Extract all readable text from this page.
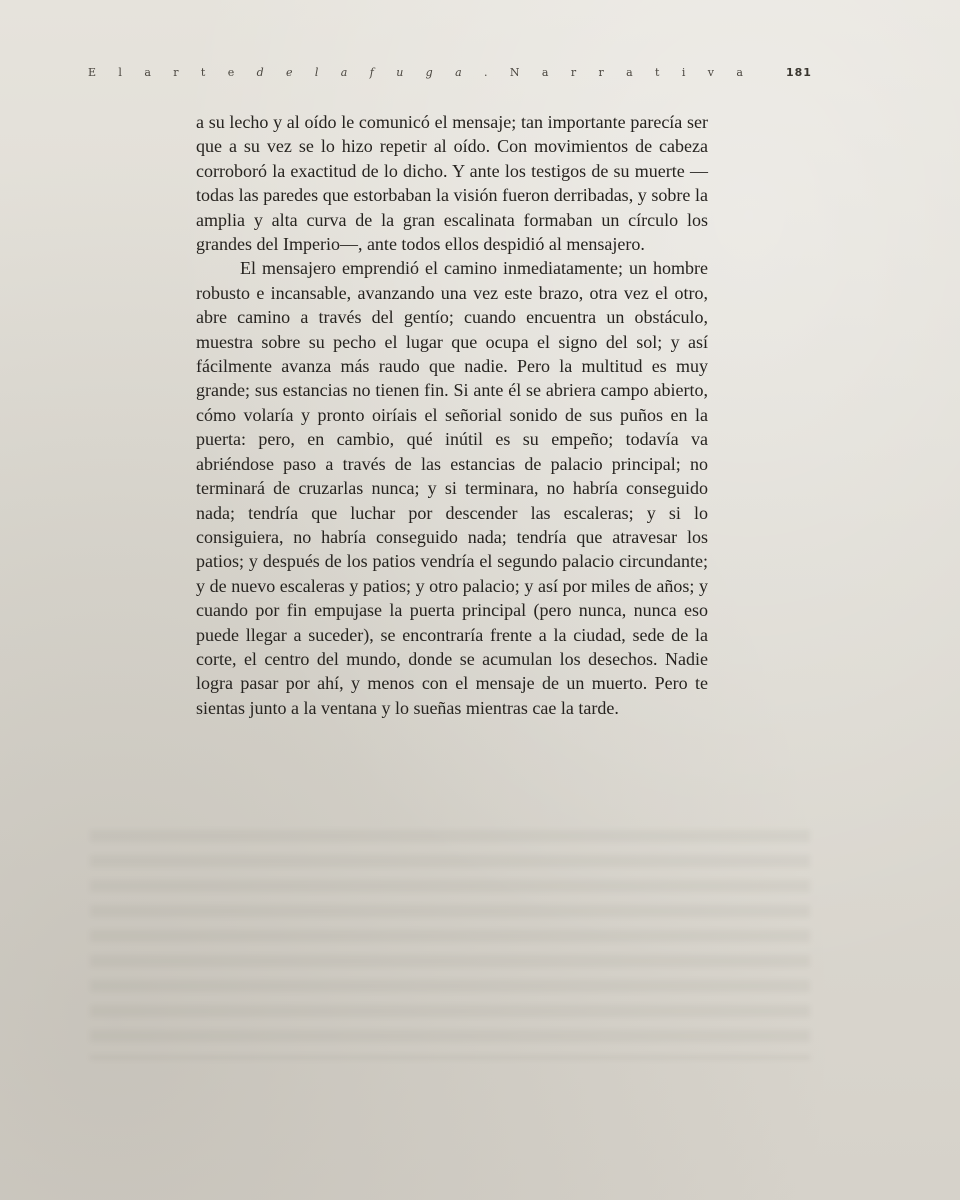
E l a r t e d e l a f u g a . N a r r a t i v a	181

a su lecho y al oído le comunicó el mensaje; tan importante parecía ser que a su vez se lo hizo repetir al oído. Con movimientos de cabeza corroboró la exactitud de lo dicho. Y ante los testigos de su muerte —todas las paredes que estorbaban la visión fueron derribadas, y sobre la amplia y alta curva de la gran escalinata formaban un círculo los grandes del Imperio—, ante todos ellos despidió al mensajero.

El mensajero emprendió el camino inmediatamente; un hombre robusto e incansable, avanzando una vez este brazo, otra vez el otro, abre camino a través del gentío; cuando encuentra un obstáculo, muestra sobre su pecho el lugar que ocupa el signo del sol; y así fácilmente avanza más raudo que nadie. Pero la multitud es muy grande; sus estancias no tienen fin. Si ante él se abriera campo abierto, cómo volaría y pronto oiríais el señorial sonido de sus puños en la puerta: pero, en cambio, qué inútil es su empeño; todavía va abriéndose paso a través de las estancias de palacio principal; no terminará de cruzarlas nunca; y si terminara, no habría conseguido nada; tendría que luchar por descender las escaleras; y si lo consiguiera, no habría conseguido nada; tendría que atravesar los patios; y después de los patios vendría el segundo palacio circundante; y de nuevo escaleras y patios; y otro palacio; y así por miles de años; y cuando por fin empujase la puerta principal (pero nunca, nunca eso puede llegar a suceder), se encontraría frente a la ciudad, sede de la corte, el centro del mundo, donde se acumulan los desechos. Nadie logra pasar por ahí, y menos con el mensaje de un muerto. Pero te sientas junto a la ventana y lo sueñas mientras cae la tarde.
